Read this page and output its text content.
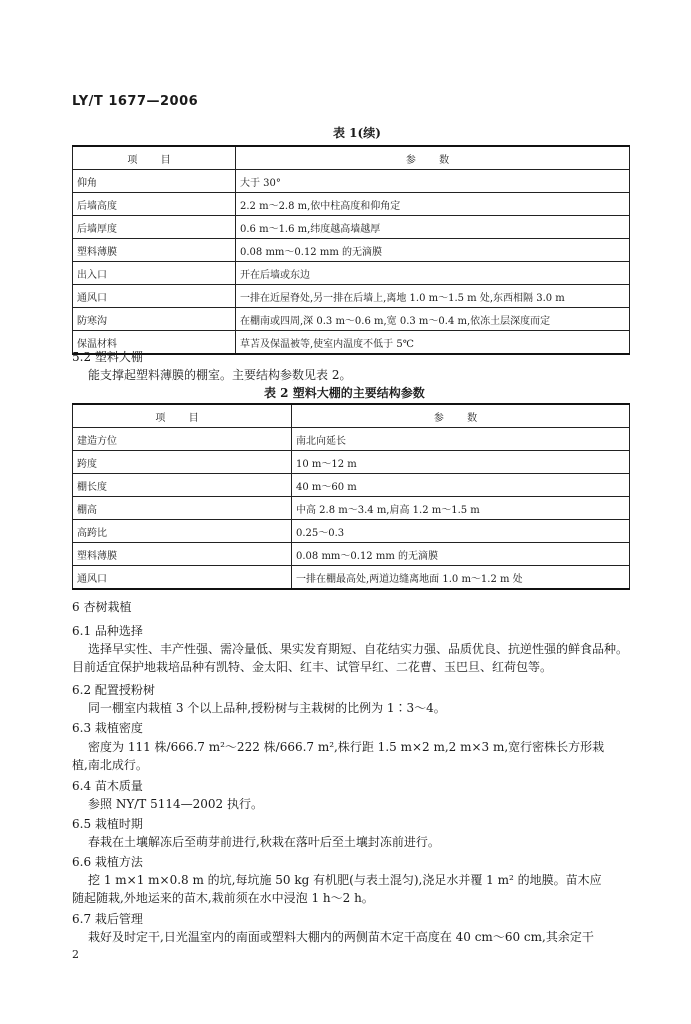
LY/T 1677—2006
表 1(续)
项 目	参 数
仰角	大于 30°
后墙高度	2.2 m～2.8 m,依中柱高度和仰角定
后墙厚度	0.6 m～1.6 m,纬度越高墙越厚
塑料薄膜	0.08 mm～0.12 mm 的无滴膜
出入口	开在后墙或东边
通风口	一排在近屋脊处,另一排在后墙上,离地 1.0 m～1.5 m 处,东西相隔 3.0 m
防寒沟	在棚南或四周,深 0.3 m～0.6 m,宽 0.3 m～0.4 m,依冻土层深度而定
保温材料	草苫及保温被等,使室内温度不低于 5℃
5.2 塑料大棚
能支撑起塑料薄膜的棚室。主要结构参数见表 2。
表 2 塑料大棚的主要结构参数
项 目	参 数
建造方位	南北向延长
跨度	10 m～12 m
棚长度	40 m～60 m
棚高	中高 2.8 m～3.4 m,肩高 1.2 m～1.5 m
高跨比	0.25～0.3
塑料薄膜	0.08 mm～0.12 mm 的无滴膜
通风口	一排在棚最高处,两道边缝离地面 1.0 m～1.2 m 处
6 杏树栽植
6.1 品种选择
选择早实性、丰产性强、需冷量低、果实发育期短、自花结实力强、品质优良、抗逆性强的鲜食品种。
目前适宜保护地栽培品种有凯特、金太阳、红丰、试管早红、二花曹、玉巴旦、红荷包等。
6.2 配置授粉树
同一棚室内栽植 3 个以上品种,授粉树与主栽树的比例为 1∶3～4。
6.3 栽植密度
密度为 111 株/666.7 m²～222 株/666.7 m²,株行距 1.5 m×2 m,2 m×3 m,宽行密株长方形栽
植,南北成行。
6.4 苗木质量
参照 NY/T 5114—2002 执行。
6.5 栽植时期
春栽在土壤解冻后至萌芽前进行,秋栽在落叶后至土壤封冻前进行。
6.6 栽植方法
挖 1 m×1 m×0.8 m 的坑,每坑施 50 kg 有机肥(与表土混匀),浇足水并覆 1 m² 的地膜。苗木应
随起随栽,外地运来的苗木,栽前须在水中浸泡 1 h～2 h。
6.7 栽后管理
栽好及时定干,日光温室内的南面或塑料大棚内的两侧苗木定干高度在 40 cm～60 cm,其余定干
2
